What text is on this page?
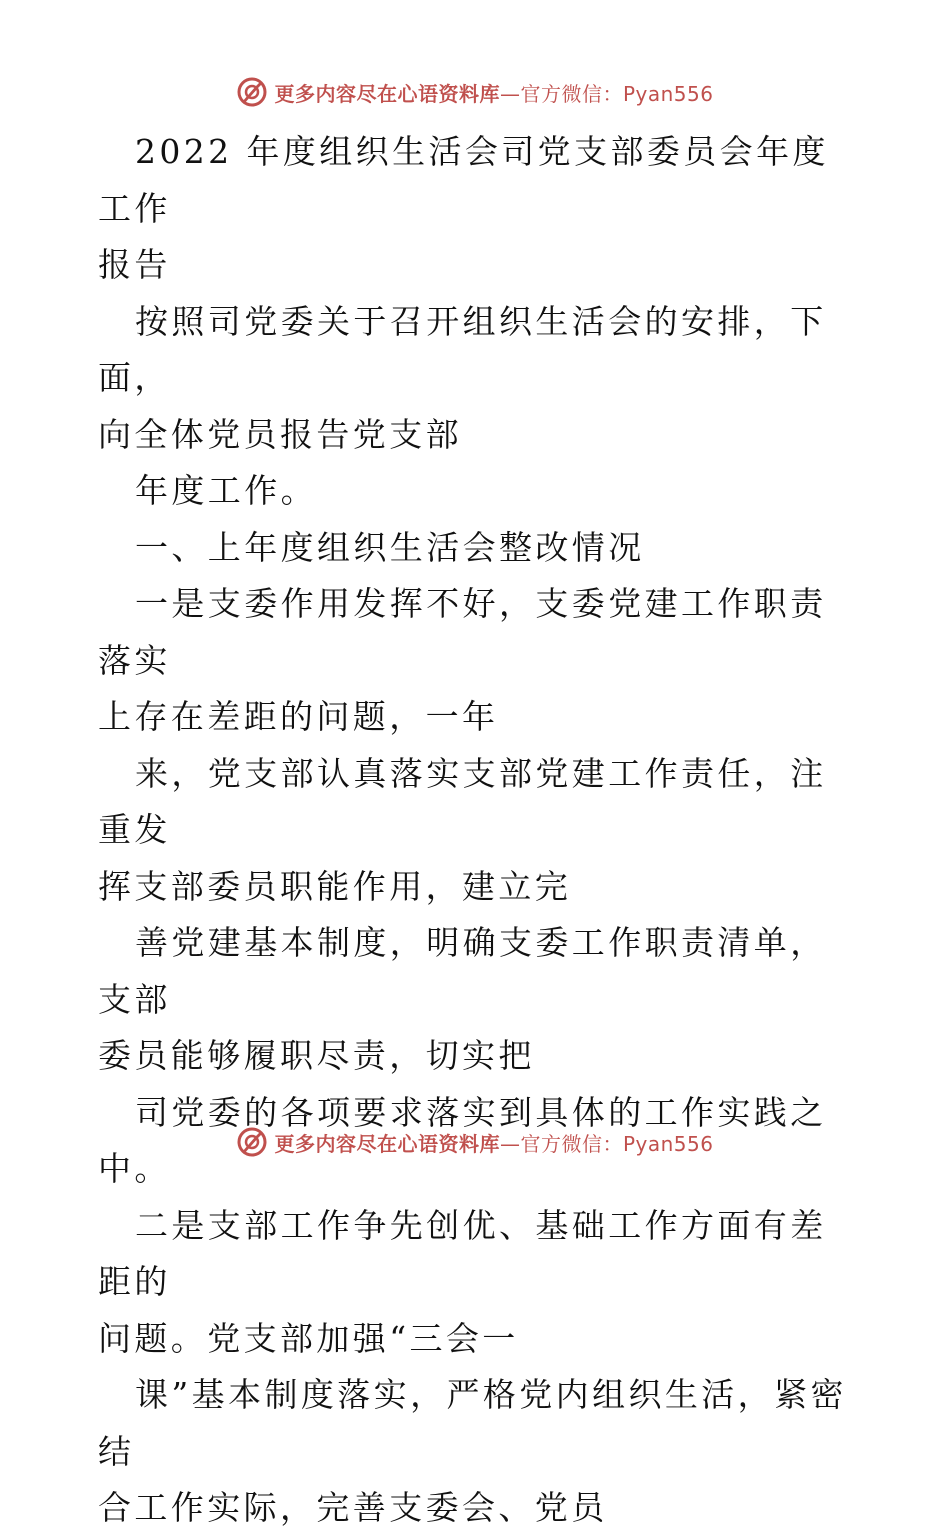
更多内容尽在心语资料库—官方微信：Pyan556

2022 年度组织生活会司党支部委员会年度工作
报告

按照司党委关于召开组织生活会的安排，下面，
向全体党员报告党支部

年度工作。

一、上年度组织生活会整改情况

一是支委作用发挥不好，支委党建工作职责落实
上存在差距的问题，一年

来，党支部认真落实支部党建工作责任，注重发
挥支部委员职能作用，建立完

善党建基本制度，明确支委工作职责清单，支部
委员能够履职尽责，切实把

司党委的各项要求落实到具体的工作实践之中。

二是支部工作争先创优、基础工作方面有差距的
问题。党支部加强“三会一

课”基本制度落实，严格党内组织生活，紧密结
合工作实际，完善支委会、党员

更多内容尽在心语资料库—官方微信：Pyan556
